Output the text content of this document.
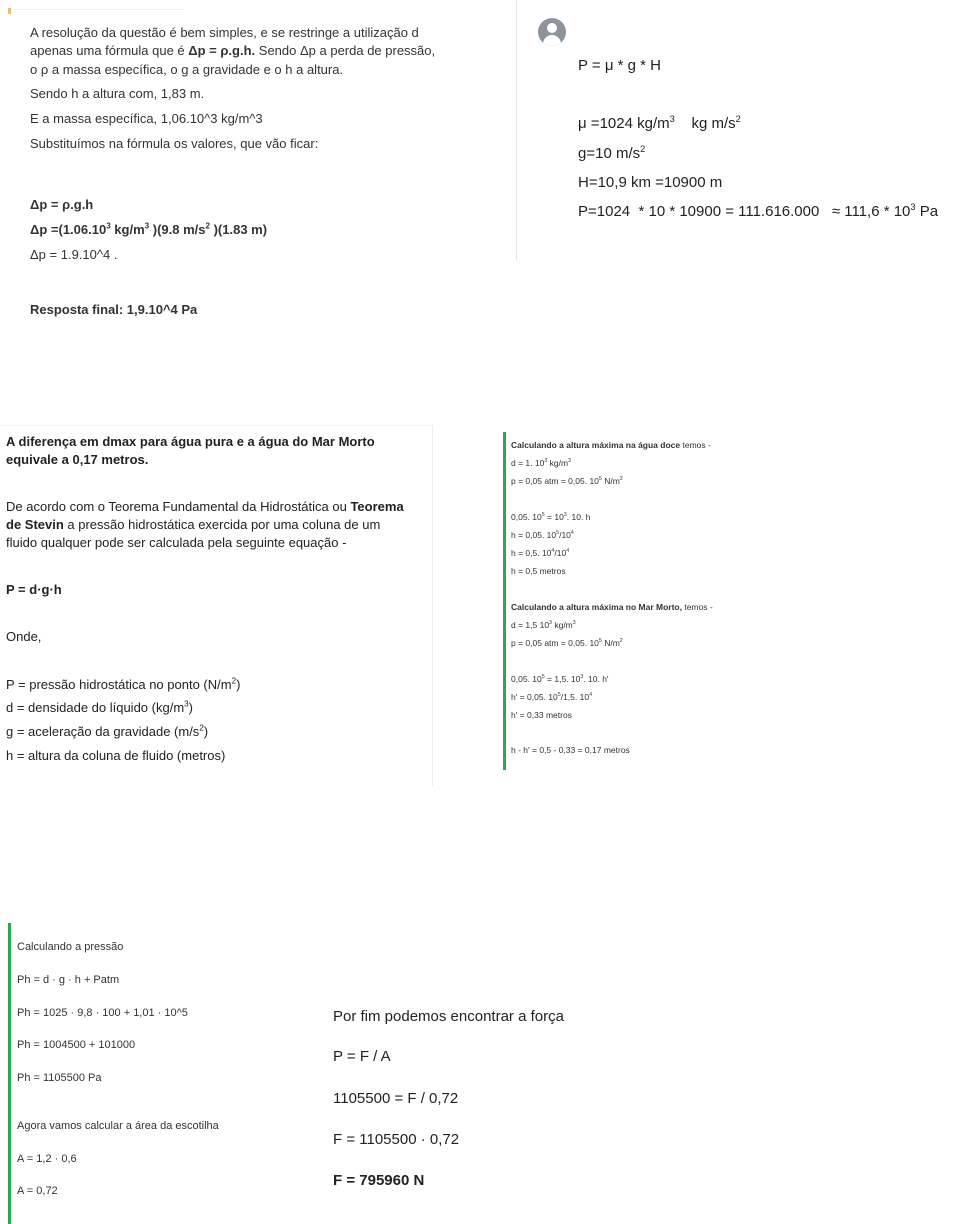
A resolução da questão é bem simples, e se restringe a utilização d
apenas uma fórmula que é Δp = ρ.g.h. Sendo Δp a perda de pressão,
o ρ a massa específica, o g a gravidade e o h a altura.
Sendo h a altura com, 1,83 m.
E a massa específica, 1,06.10^3 kg/m^3
Substituímos na fórmula os valores, que vão ficar:
Δp = ρ.g.h
$\Delta p =(1.06.10^3$ $kg/m^3$ )(9.8 $m/s^2$ )(1.83 m)
Δp = 1.9.10^4 .
Resposta final: 1,9.10^4 Pa
P = μ * g * H
μ =1024 $kg/m^3$    kg $m/s^2$
g=10 $m/s^2$
H=10,9 km =10900 m
$P=1024 * 10 * 10900 = 111.616.000 \approx 111,6 * 10^3$ Pa
A diferença em dmax para água pura e a água do Mar Morto
equivale a 0,17 metros.
De acordo com o Teorema Fundamental da Hidrostática ou Teorema
de Stevin a pressão hidrostática exercida por uma coluna de um
fluido qualquer pode ser calculada pela seguinte equação -
P = d·g·h
Onde,
P = pressão hidrostática no ponto $(N/m^2)$
d = densidade do líquido $(kg/m^3)$
g = aceleração da gravidade $(m/s^2)$
h = altura da coluna de fluido (metros)
Calculando a altura máxima na água doce temos -
d = 1. $10^3$ $kg/m^3$
p = 0,05 atm = 0,05. $10^5$ $N/m^2$
0,05. $10^5 = 10^3$. 10. h
h = 0,05. $10^5/10^4$
h = 0,5. $10^4/10^4$
h = 0,5 metros
Calculando a altura máxima no Mar Morto, temos -
d = 1,5 $10^3$ $kg/m^3$
p = 0,05 atm = 0,05. $10^5$ $N/m^2$
0,05. $10^5 = 1,5$. $10^3$. 10. h'
h' = 0,05. $10^5/1,5$. $10^4$
h' = 0,33 metros
h - h' = 0,5 - 0,33 = 0,17 metros
Calculando a pressão
Ph = d · g · h + Patm
Ph = 1025 · 9,8 · 100 + 1,01 · 10^5
Ph = 1004500 + 101000
Ph = 1105500 Pa
Agora vamos calcular a área da escotilha
A = 1,2 · 0,6
A = 0,72
Por fim podemos encontrar a força
P = F / A
1105500 = F / 0,72
F = 1105500 · 0,72
F = 795960 N
